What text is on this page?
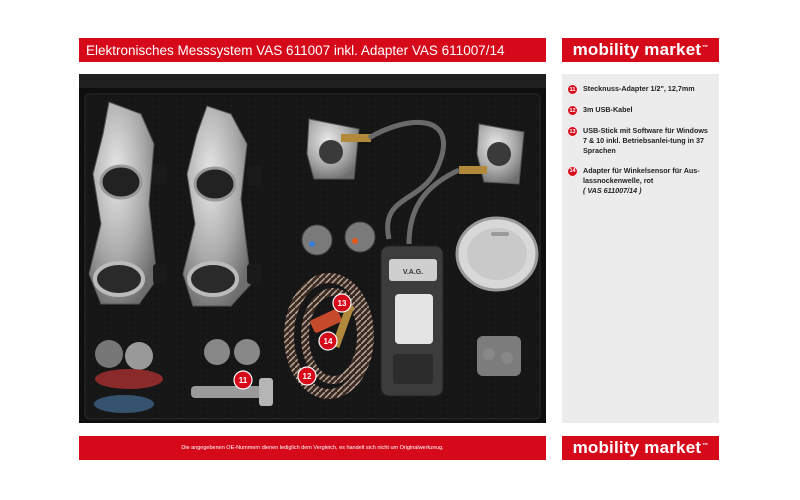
Elektronisches Messsystem VAS 611007 inkl. Adapter VAS 611007/14	mobility market™
V.A.G.
11	12
13
14
11	Stecknuss-Adapter 1/2", 12,7mm
12	3m USB-Kabel
13	USB-Stick mit Software für Windows 7 & 10 inkl. Betriebsanlei-tung in 37 Sprachen
14	Adapter für Winkelsensor für Aus-lassnockenwelle, rot
( VAS 611007/14 )
Die angegebenen OE-Nummern dienen lediglich dem Vergleich, es handelt sich nicht um Originalwerkzeug.	mobility market™
